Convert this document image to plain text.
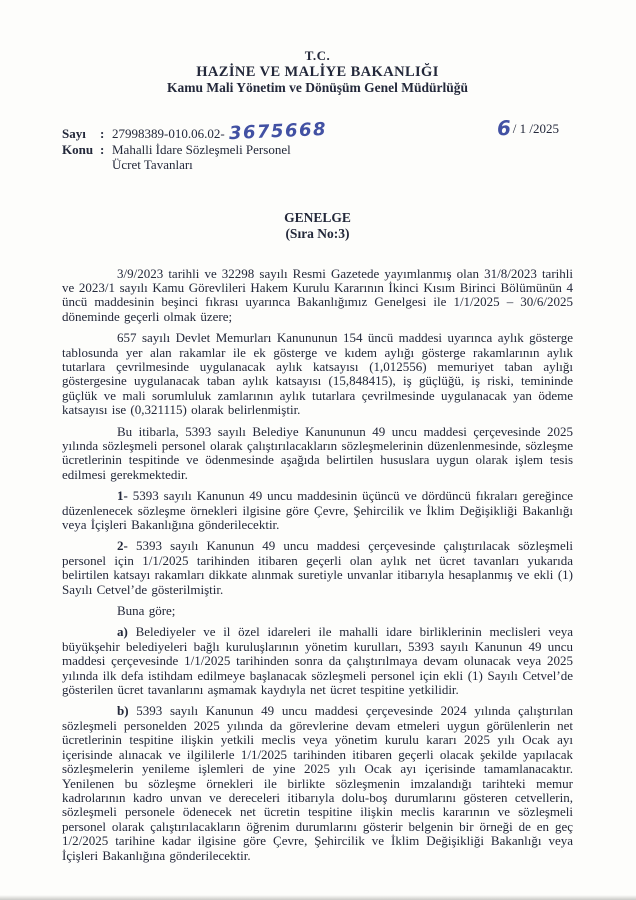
T.C.
HAZİNE VE MALİYE BAKANLIĞI
Kamu Mali Yönetim ve Dönüşüm Genel Müdürlüğü
Sayı	: 27998389-010.06.02- 3675668
Konu : Mahalli İdare Sözleşmeli Personel
Ücret Tavanları
6/ 1 /2025
GENELGE
(Sıra No:3)

3/9/2023 tarihli ve 32298 sayılı Resmi Gazetede yayımlanmış olan 31/8/2023 tarihli ve 2023/1 sayılı Kamu Görevlileri Hakem Kurulu Kararının İkinci Kısım Birinci Bölümünün 4 üncü maddesinin beşinci fıkrası uyarınca Bakanlığımız Genelgesi ile 1/1/2025 – 30/6/2025 döneminde geçerli olmak üzere;

657 sayılı Devlet Memurları Kanununun 154 üncü maddesi uyarınca aylık gösterge tablosunda yer alan rakamlar ile ek gösterge ve kıdem aylığı gösterge rakamlarının aylık tutarlara çevrilmesinde uygulanacak aylık katsayısı (1,012556) memuriyet taban aylığı göstergesine uygulanacak taban aylık katsayısı (15,848415), iş güçlüğü, iş riski, temininde güçlük ve mali sorumluluk zamlarının aylık tutarlara çevrilmesinde uygulanacak yan ödeme katsayısı ise (0,321115) olarak belirlenmiştir.

Bu itibarla, 5393 sayılı Belediye Kanununun 49 uncu maddesi çerçevesinde 2025 yılında sözleşmeli personel olarak çalıştırılacakların sözleşmelerinin düzenlenmesinde, sözleşme ücretlerinin tespitinde ve ödenmesinde aşağıda belirtilen hususlara uygun olarak işlem tesis edilmesi gerekmektedir.

1- 5393 sayılı Kanunun 49 uncu maddesinin üçüncü ve dördüncü fıkraları gereğince düzenlenecek sözleşme örnekleri ilgisine göre Çevre, Şehircilik ve İklim Değişikliği Bakanlığı veya İçişleri Bakanlığına gönderilecektir.

2- 5393 sayılı Kanunun 49 uncu maddesi çerçevesinde çalıştırılacak sözleşmeli personel için 1/1/2025 tarihinden itibaren geçerli olan aylık net ücret tavanları yukarıda belirtilen katsayı rakamları dikkate alınmak suretiyle unvanlar itibarıyla hesaplanmış ve ekli (1) Sayılı Cetvel’de gösterilmiştir.

Buna göre;

a) Belediyeler ve il özel idareleri ile mahalli idare birliklerinin meclisleri veya büyükşehir belediyeleri bağlı kuruluşlarının yönetim kurulları, 5393 sayılı Kanunun 49 uncu maddesi çerçevesinde 1/1/2025 tarihinden sonra da çalıştırılmaya devam olunacak veya 2025 yılında ilk defa istihdam edilmeye başlanacak sözleşmeli personel için ekli (1) Sayılı Cetvel’de gösterilen ücret tavanlarını aşmamak kaydıyla net ücret tespitine yetkilidir.

b) 5393 sayılı Kanunun 49 uncu maddesi çerçevesinde 2024 yılında çalıştırılan sözleşmeli personelden 2025 yılında da görevlerine devam etmeleri uygun görülenlerin net ücretlerinin tespitine ilişkin yetkili meclis veya yönetim kurulu kararı 2025 yılı Ocak ayı içerisinde alınacak ve ilgililerle 1/1/2025 tarihinden itibaren geçerli olacak şekilde yapılacak sözleşmelerin yenileme işlemleri de yine 2025 yılı Ocak ayı içerisinde tamamlanacaktır. Yenilenen bu sözleşme örnekleri ile birlikte sözleşmenin imzalandığı tarihteki memur kadrolarının kadro unvan ve dereceleri itibarıyla dolu-boş durumlarını gösteren cetvellerin, sözleşmeli personele ödenecek net ücretin tespitine ilişkin meclis kararının ve sözleşmeli personel olarak çalıştırılacakların öğrenim durumlarını gösterir belgenin bir örneği de en geç 1/2/2025 tarihine kadar ilgisine göre Çevre, Şehircilik ve İklim Değişikliği Bakanlığı veya İçişleri Bakanlığına gönderilecektir.
